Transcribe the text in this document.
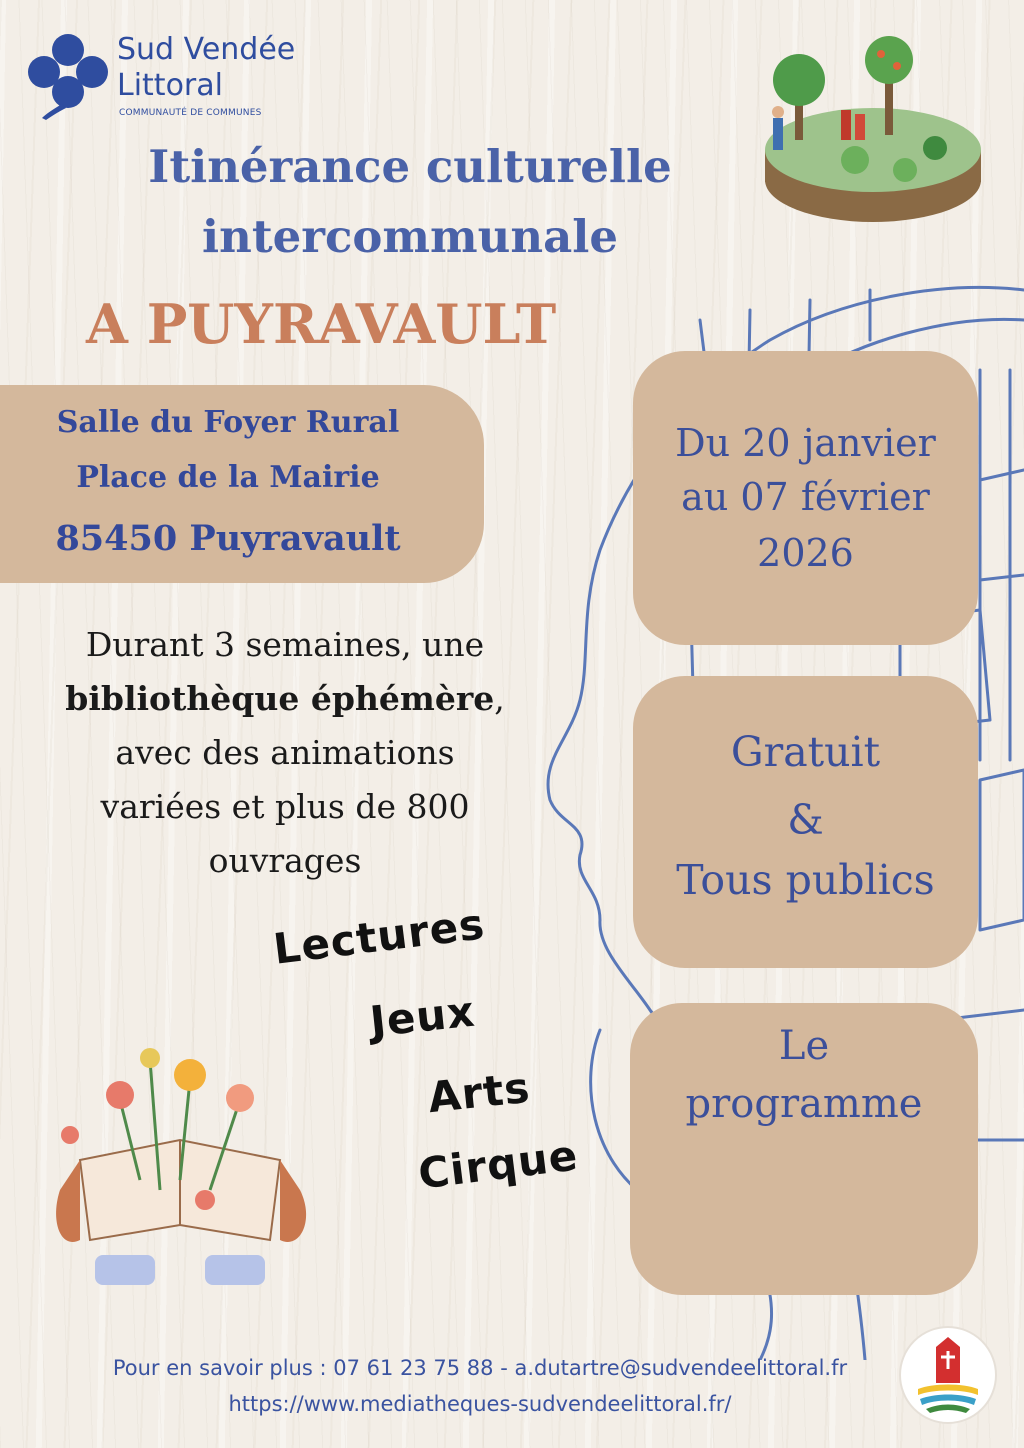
Sud Vendée
Littoral
COMMUNAUTÉ DE COMMUNES
Itinérance culturelle
intercommunale
A PUYRAVAULT
Salle du Foyer Rural
Place de la Mairie
85450 Puyravault
Durant 3 semaines, une
bibliothèque éphémère,
avec des animations
variées et plus de 800
ouvrages
Lectures
Jeux
Arts
Cirque
Du 20 janvier
au 07 février
2026
Gratuit
&
Tous publics
Le
programme
Pour en savoir plus : 07 61 23 75 88 - a.dutartre@sudvendeelittoral.fr
https://www.mediatheques-sudvendeelittoral.fr/
